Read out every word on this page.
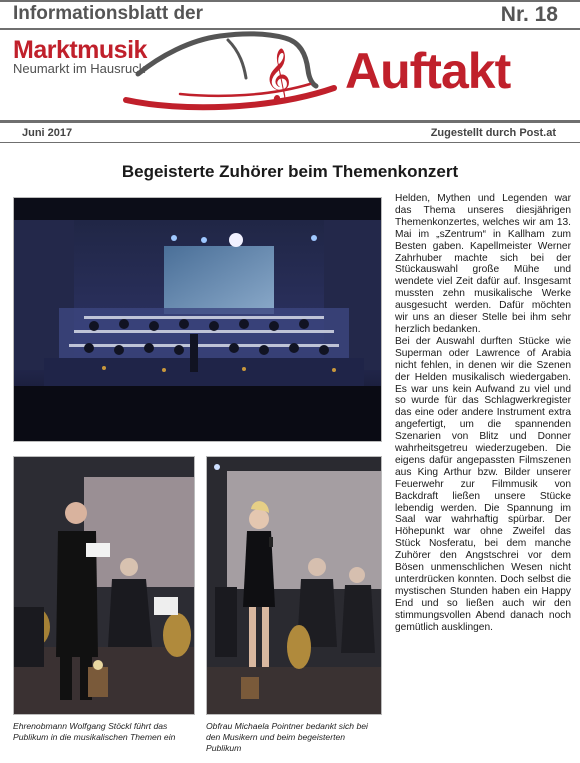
Informationsblatt der	Nr. 18
Marktmusik
Neumarkt im Hausruck	𝄞 Auftakt
Juni 2017	Zugestellt durch Post.at
Begeisterte Zuhörer beim Themenkonzert
Ehrenobmann Wolfgang Stöckl führt das Publikum in die musikalischen Themen ein
Obfrau Michaela Pointner bedankt sich bei den Musikern und beim begeisterten Publikum

Helden, Mythen und Legenden war das Thema unseres diesjährigen Themenkonzertes, welches wir am 13. Mai im „sZentrum“ in Kallham zum Besten gaben. Kapellmeister Werner Zahrhuber machte sich bei der Stückauswahl große Mühe und wendete viel Zeit dafür auf. Insgesamt mussten zehn musikalische Werke ausgesucht werden. Dafür möchten wir uns an dieser Stelle bei ihm sehr herzlich bedanken.

Bei der Auswahl durften Stücke wie Superman oder Lawrence of Arabia nicht fehlen, in denen wir die Szenen der Helden musikalisch wiedergaben. Es war uns kein Aufwand zu viel und so wurde für das Schlagwerkregister das eine oder andere Instrument extra angefertigt, um die spannenden Szenarien von Blitz und Donner wahrheitsgetreu wiederzugeben. Die eigens dafür angepassten Filmszenen aus King Arthur bzw. Bilder unserer Feuerwehr zur Filmmusik von Backdraft ließen unsere Stücke lebendig werden. Die Spannung im Saal war wahrhaftig spürbar. Der Höhepunkt war ohne Zweifel das Stück Nosferatu, bei dem manche Zuhörer den Angstschrei vor dem Bösen unmenschlichen Wesen nicht unterdrücken konnten. Doch selbst die mystischen Stunden haben ein Happy End und so ließen auch wir den stimmungsvollen Abend danach noch gemütlich ausklingen.
